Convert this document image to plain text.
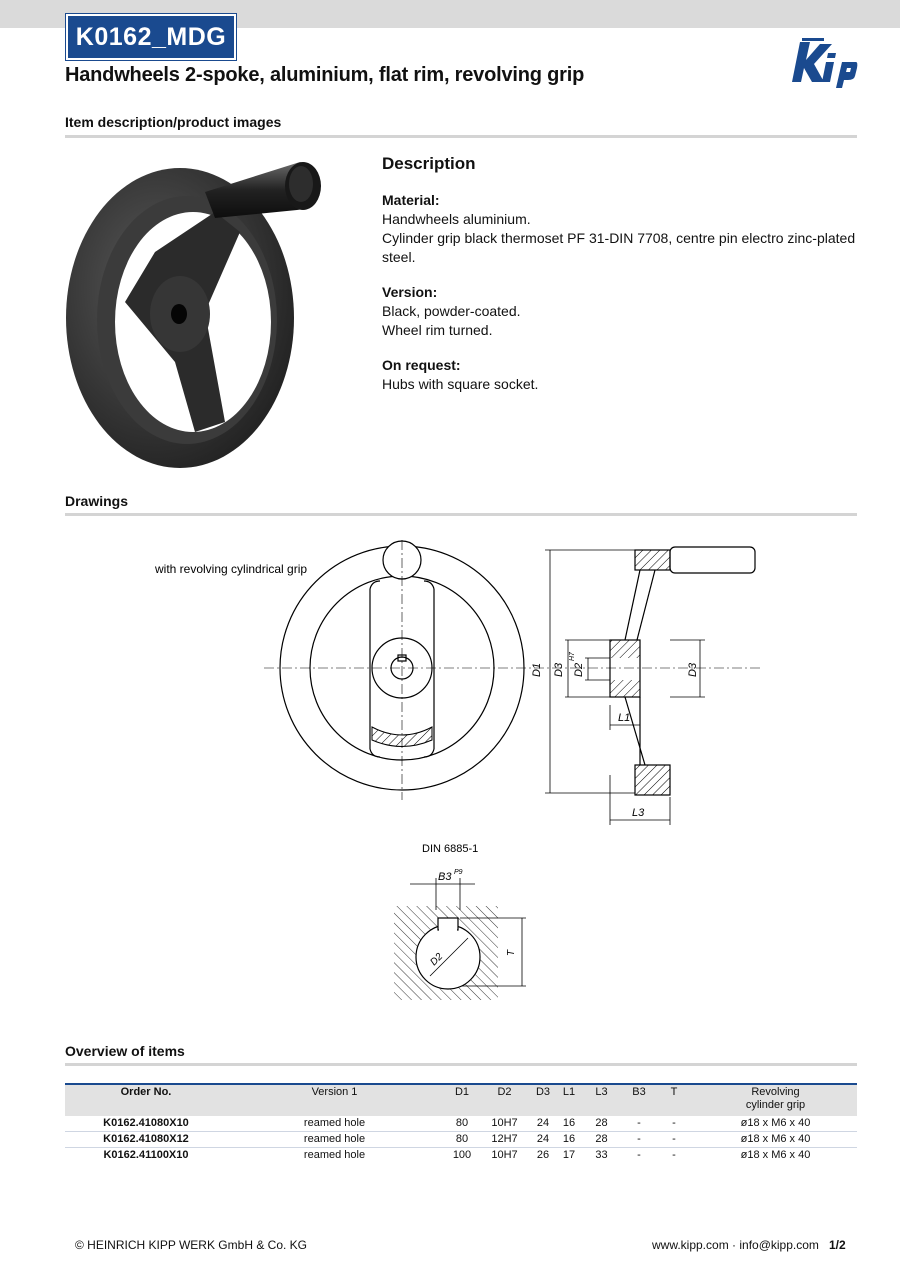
K0162_MDG
Handwheels 2-spoke, aluminium, flat rim, revolving grip
Item description/product images
Description
Material:
Handwheels aluminium.
Cylinder grip black thermoset PF 31-DIN 7708, centre pin electro zinc-plated steel.
Version:
Black, powder-coated.
Wheel rim turned.
On request:
Hubs with square socket.
Drawings
with revolving cylindrical grip
D1 D3 D2
H7
D3
L1
L3
DIN 6885-1
B3 P9
D2	T
Overview of items
Order No.	Version 1	D1	D2	D3	L1	L3	B3	T	Revolving cylinder grip
K0162.41080X10	reamed hole	80	10H7	24	16	28	-	-	ø18 x M6 x 40
K0162.41080X12	reamed hole	80	12H7	24	16	28	-	-	ø18 x M6 x 40
K0162.41100X10	reamed hole	100	10H7	26	17	33	-	-	ø18 x M6 x 40
© HEINRICH KIPP WERK GmbH & Co. KG	www.kipp.com · info@kipp.com 1/2
